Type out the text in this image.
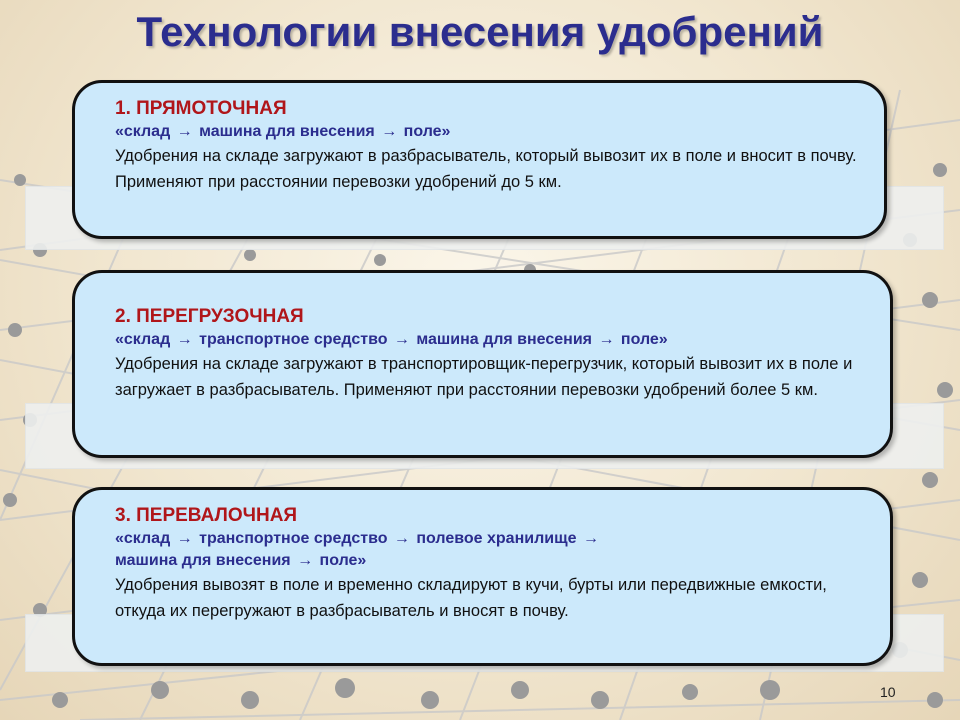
Технологии внесения удобрений
1. ПРЯМОТОЧНАЯ
«склад → машина для внесения → поле»
Удобрения на складе загружают в разбрасыватель, который вывозит их в поле и вносит в почву. Применяют при расстоянии перевозки удобрений до 5 км.
2. ПЕРЕГРУЗОЧНАЯ
«склад → транспортное средство → машина для внесения → поле»
Удобрения на складе загружают в транспортировщик-перегрузчик, который вывозит их в поле и загружает в разбрасыватель. Применяют при расстоянии перевозки удобрений более 5 км.
3. ПЕРЕВАЛОЧНАЯ
«склад → транспортное средство → полевое хранилище →
машина для внесения → поле»
Удобрения вывозят в поле и временно складируют в кучи, бурты или передвижные емкости, откуда их перегружают в разбрасыватель и вносят в почву.
10
